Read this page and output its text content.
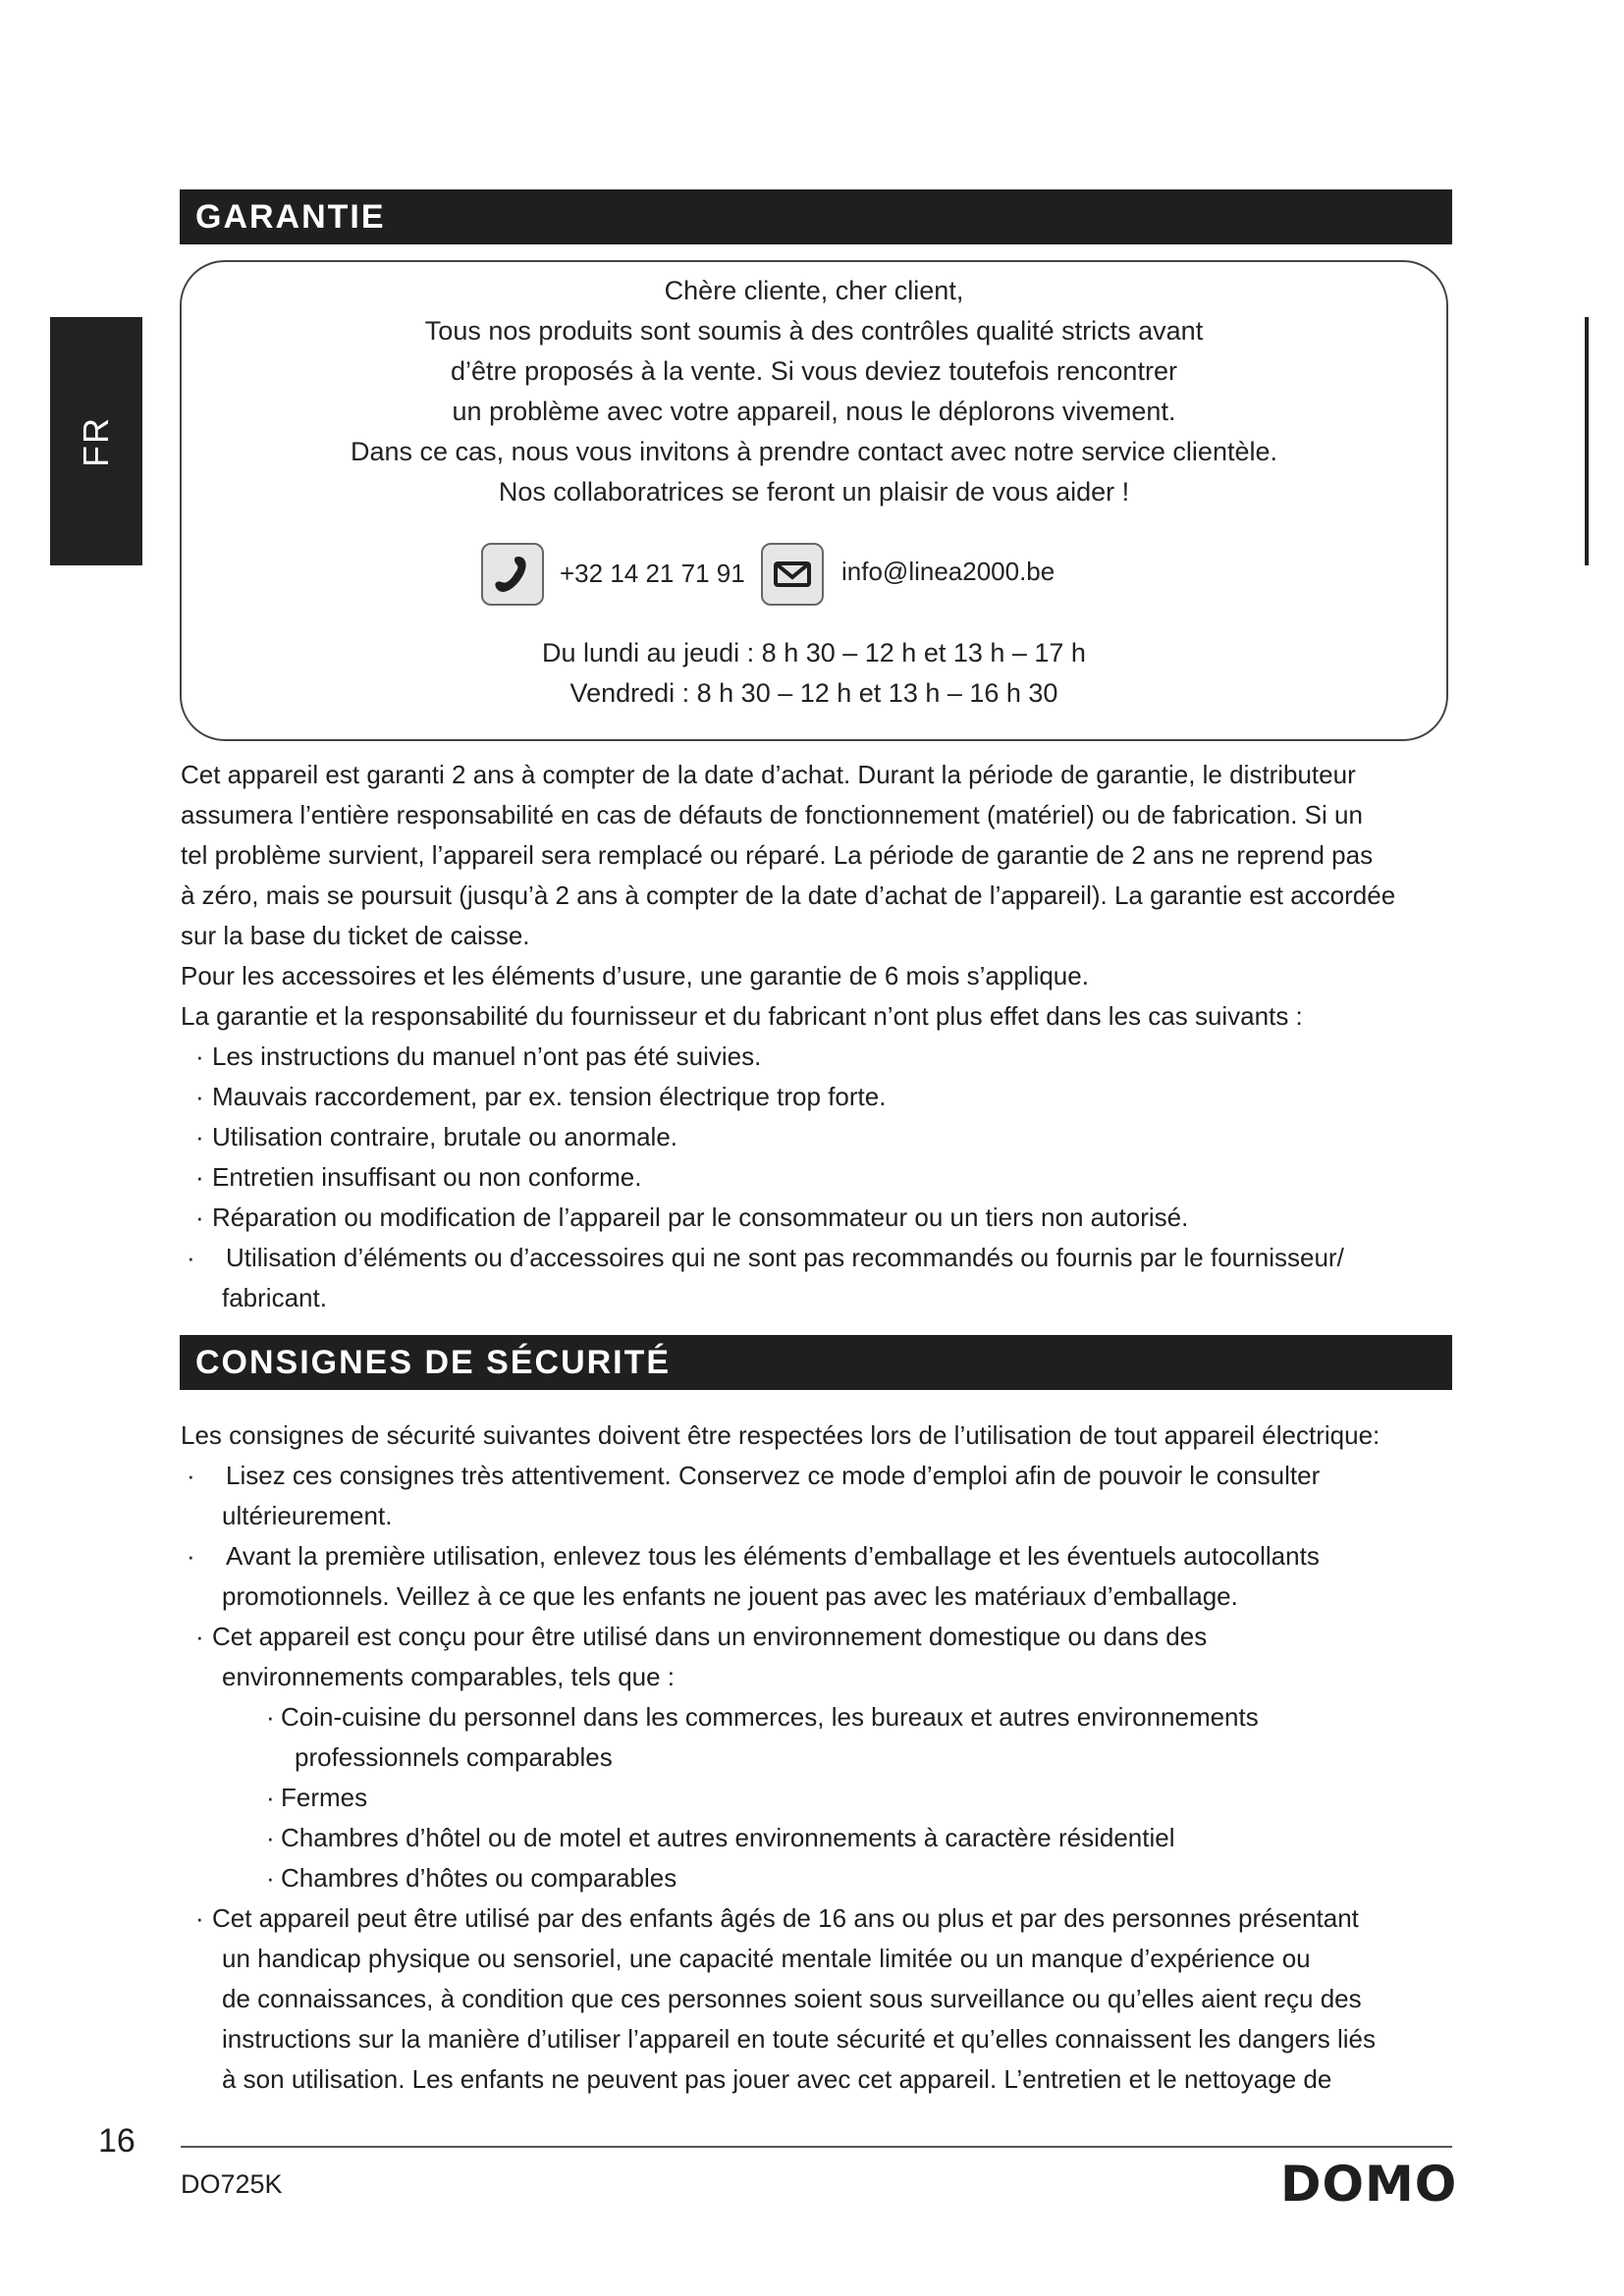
FR
GARANTIE
Chère cliente, cher client,
Tous nos produits sont soumis à des contrôles qualité stricts avant
d’être proposés à la vente. Si vous deviez toutefois rencontrer
un problème avec votre appareil, nous le déplorons vivement.
Dans ce cas, nous vous invitons à prendre contact avec notre service clientèle.
Nos collaboratrices se feront un plaisir de vous aider !
+32 14 21 71 91	info@linea2000.be
Du lundi au jeudi : 8 h 30 – 12 h et 13 h – 17 h
Vendredi : 8 h 30 – 12 h et 13 h – 16 h 30

Cet appareil est garanti 2 ans à compter de la date d’achat. Durant la période de garantie, le distributeur

assumera l’entière responsabilité en cas de défauts de fonctionnement (matériel) ou de fabrication. Si un

tel problème survient, l’appareil sera remplacé ou réparé. La période de garantie de 2 ans ne reprend pas

à zéro, mais se poursuit (jusqu’à 2 ans à compter de la date d’achat de l’appareil). La garantie est accordée

sur la base du ticket de caisse.

Pour les accessoires et les éléments d’usure, une garantie de 6 mois s’applique.

La garantie et la responsabilité du fournisseur et du fabricant n’ont plus effet dans les cas suivants :

· Les instructions du manuel n’ont pas été suivies.

· Mauvais raccordement, par ex. tension électrique trop forte.

· Utilisation contraire, brutale ou anormale.

· Entretien insuffisant ou non conforme.

· Réparation ou modification de l’appareil par le consommateur ou un tiers non autorisé.

· Utilisation d’éléments ou d’accessoires qui ne sont pas recommandés ou fournis par le fournisseur/

fabricant.

CONSIGNES DE SÉCURITÉ

Les consignes de sécurité suivantes doivent être respectées lors de l’utilisation de tout appareil électrique:

· Lisez ces consignes très attentivement. Conservez ce mode d’emploi afin de pouvoir le consulter

ultérieurement.

· Avant la première utilisation, enlevez tous les éléments d’emballage et les éventuels autocollants

promotionnels. Veillez à ce que les enfants ne jouent pas avec les matériaux d’emballage.

· Cet appareil est conçu pour être utilisé dans un environnement domestique ou dans des

environnements comparables, tels que :

· Coin-cuisine du personnel dans les commerces, les bureaux et autres environnements

professionnels comparables

· Fermes

· Chambres d’hôtel ou de motel et autres environnements à caractère résidentiel

· Chambres d’hôtes ou comparables

· Cet appareil peut être utilisé par des enfants âgés de 16 ans ou plus et par des personnes présentant

un handicap physique ou sensoriel, une capacité mentale limitée ou un manque d’expérience ou

de connaissances, à condition que ces personnes soient sous surveillance ou qu’elles aient reçu des

instructions sur la manière d’utiliser l’appareil en toute sécurité et qu’elles connaissent les dangers liés

à son utilisation. Les enfants ne peuvent pas jouer avec cet appareil. L’entretien et le nettoyage de

16
DO725K	DOMO
